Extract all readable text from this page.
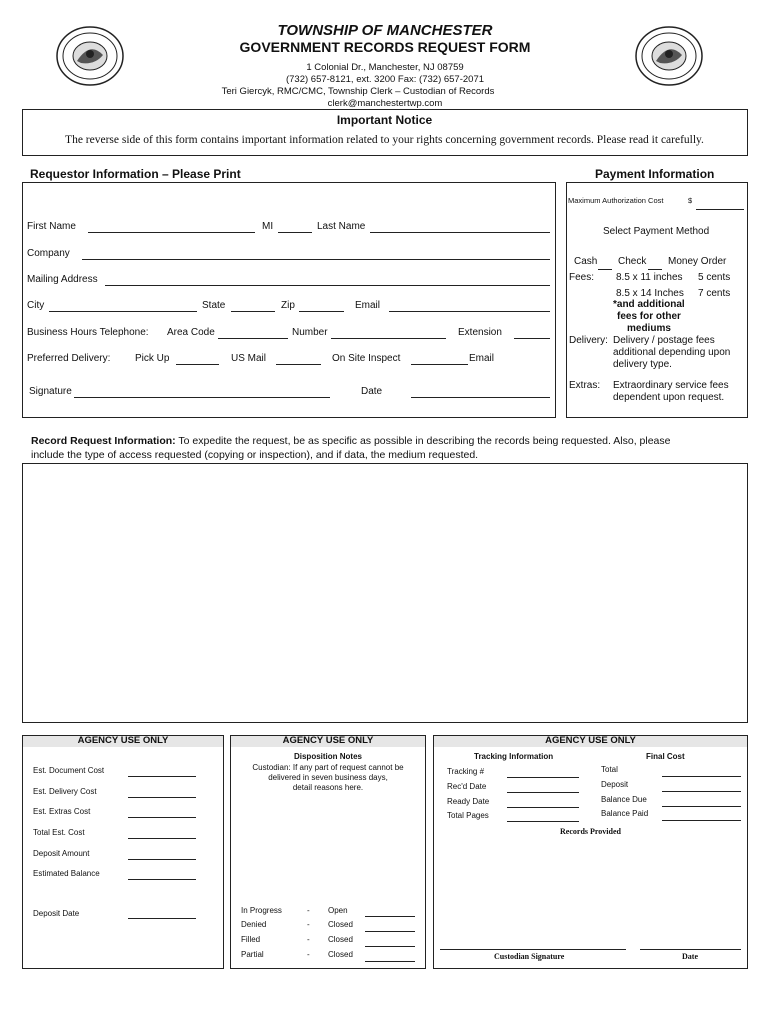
TOWNSHIP OF MANCHESTER
GOVERNMENT RECORDS REQUEST FORM
1 Colonial Dr., Manchester, NJ 08759
(732) 657-8121, ext. 3200 Fax: (732) 657-2071
Teri Giercyk, RMC/CMC, Township Clerk – Custodian of Records
clerk@manchestertwp.com
Important Notice
The reverse side of this form contains important information related to your rights concerning government records. Please read it carefully.
Requestor Information – Please Print
First Name	MI	Last Name
Company
Mailing Address
City	State	Zip	Email
Business Hours Telephone: Area Code	Number	Extension
Preferred Delivery: Pick Up	US Mail	On Site Inspect	Email
Signature	Date
Payment Information
Maximum Authorization Cost	$
Select Payment Method
Cash Check Money Order
Fees: 8.5 x 11 inches 5 cents
8.5 x 14 Inches 7 cents
*and additional
fees for other
mediums
Delivery: Delivery / postage fees
additional depending upon
delivery type.
Extras: Extraordinary service fees
dependent upon request.
Record Request Information: To expedite the request, be as specific as possible in describing the records being requested. Also, please
include the type of access requested (copying or inspection), and if data, the medium requested.
AGENCY USE ONLY
Est. Document Cost
Est. Delivery Cost
Est. Extras Cost
Total Est. Cost
Deposit Amount
Estimated Balance
Deposit Date
AGENCY USE ONLY
Disposition Notes
Custodian: If any part of request cannot be
delivered in seven business days,
detail reasons here.
In Progress	- Open
Denied	- Closed
Filled	- Closed
Partial	- Closed
AGENCY USE ONLY
Tracking Information	Final Cost
Tracking #
Rec'd Date
Ready Date
Total Pages
Total
Deposit
Balance Due
Balance Paid
Records Provided
Custodian Signature	Date
